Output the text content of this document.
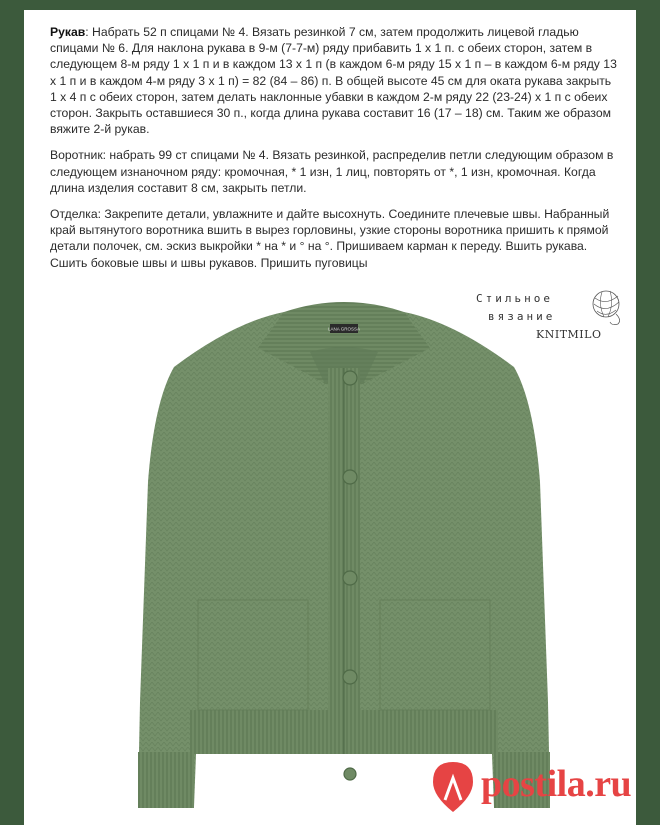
Рукав: Набрать 52 п спицами № 4. Вязать резинкой 7 см, затем продолжить лицевой гладью спицами № 6. Для наклона рукава в 9-м (7-7-м) ряду прибавить 1 х 1 п. с обеих сторон, затем в следующем 8-м ряду 1 х 1 п и в каждом 13 х 1 п (в каждом 6-м ряду 15 х 1 п – в каждом 6-м ряду 13 х 1 п и в каждом 4-м ряду 3 х 1 п) = 82 (84 – 86) п. В общей высоте 45 см для оката рукава закрыть 1 х 4 п с обеих сторон, затем делать наклонные убавки в каждом 2-м ряду 22 (23-24) х 1 п с обеих сторон. Закрыть оставшиеся 30 п., когда длина рукава составит 16 (17 – 18) см. Таким же образом вяжите 2-й рукав.

Воротник: набрать 99 ст спицами № 4. Вязать резинкой, распределив петли следующим образом в следующем изнаночном ряду: кромочная, * 1 изн, 1 лиц, повторять от *, 1 изн, кромочная. Когда длина изделия составит 8 см, закрыть петли.

Отделка: Закрепите детали, увлажните и дайте высохнуть. Соедините плечевые швы. Набранный край вытянутого воротника вшить в вырез горловины, узкие стороны воротника пришить к прямой детали полочек, см. эскиз выкройки * на * и ° на °. Пришиваем карман к переду. Вшить рукава. Сшить боковые швы и швы рукавов. Пришить пуговицы

Стильное
вязание
KNITMILO
LANA GROSSA
postila.ru
